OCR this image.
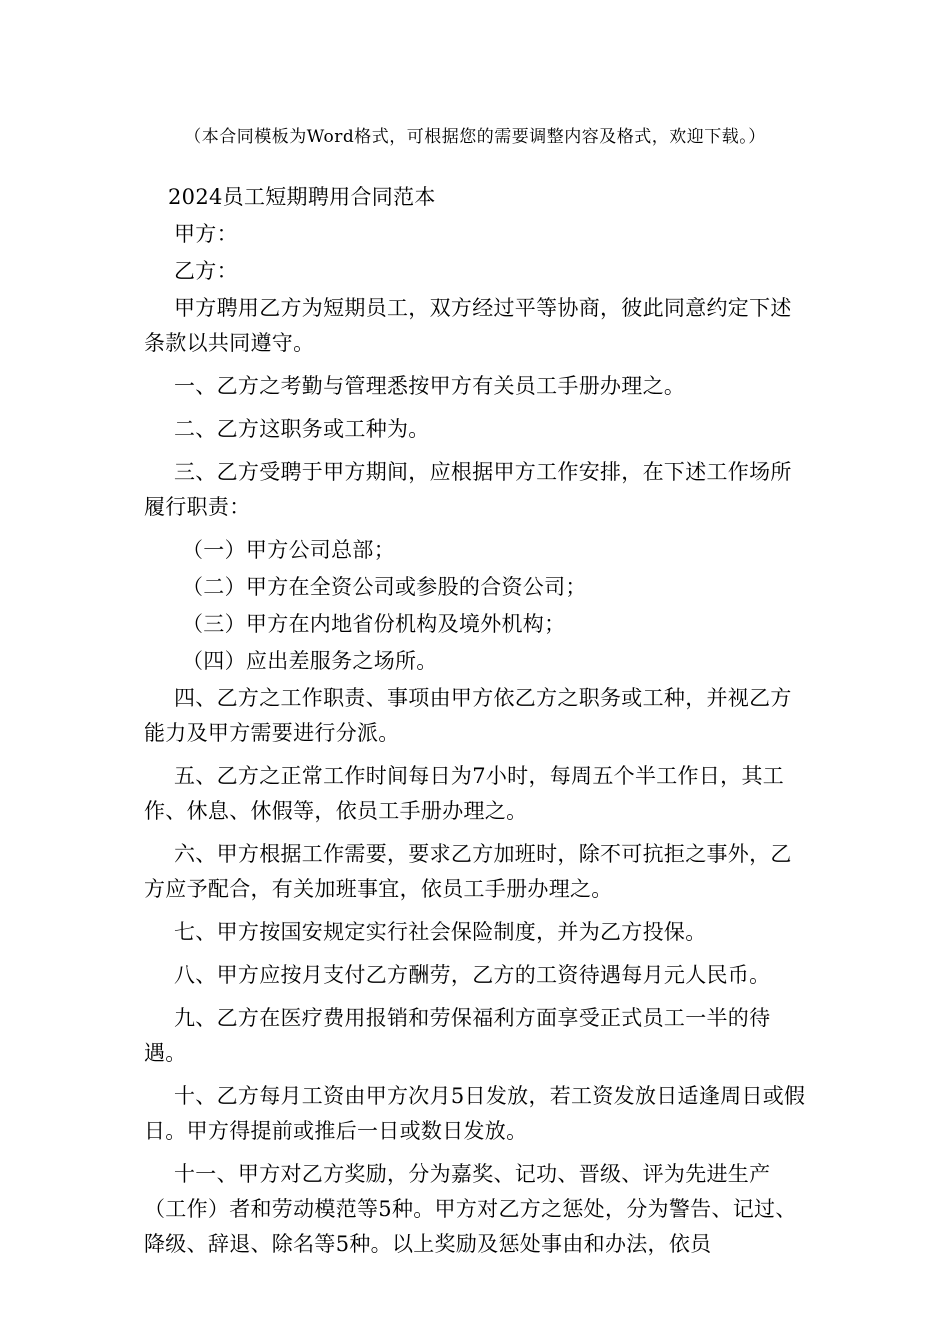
（本合同模板为Word格式，可根据您的需要调整内容及格式，欢迎下载。）

2024员工短期聘用合同范本

甲方：

乙方：

甲方聘用乙方为短期员工，双方经过平等协商，彼此同意约定下述条款以共同遵守。

一、乙方之考勤与管理悉按甲方有关员工手册办理之。

二、乙方这职务或工种为。

三、乙方受聘于甲方期间，应根据甲方工作安排，在下述工作场所履行职责：

（一）甲方公司总部；

（二）甲方在全资公司或参股的合资公司；

（三）甲方在内地省份机构及境外机构；

（四）应出差服务之场所。

四、乙方之工作职责、事项由甲方依乙方之职务或工种，并视乙方能力及甲方需要进行分派。

五、乙方之正常工作时间每日为7小时，每周五个半工作日，其工作、休息、休假等，依员工手册办理之。

六、甲方根据工作需要，要求乙方加班时，除不可抗拒之事外，乙方应予配合，有关加班事宜，依员工手册办理之。

七、甲方按国安规定实行社会保险制度，并为乙方投保。

八、甲方应按月支付乙方酬劳，乙方的工资待遇每月元人民币。

九、乙方在医疗费用报销和劳保福利方面享受正式员工一半的待遇。

十、乙方每月工资由甲方次月5日发放，若工资发放日适逢周日或假日。甲方得提前或推后一日或数日发放。

十一、甲方对乙方奖励，分为嘉奖、记功、晋级、评为先进生产（工作）者和劳动模范等5种。甲方对乙方之惩处，分为警告、记过、降级、辞退、除名等5种。以上奖励及惩处事由和办法，依员
